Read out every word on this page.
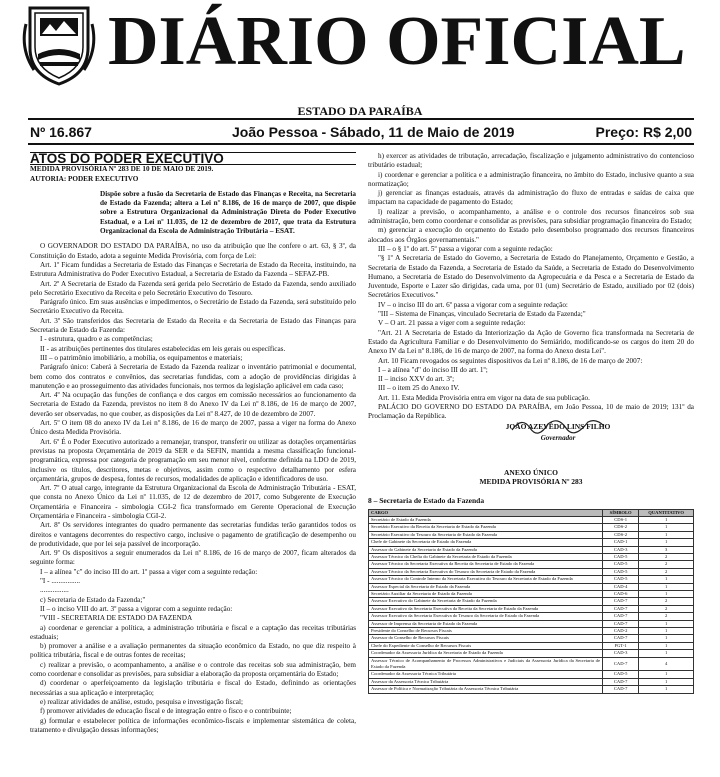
DIÁRIO OFICIAL
ESTADO DA PARAÍBA
Nº 16.867	João Pessoa - Sábado, 11 de Maio de 2019	Preço: R$ 2,00

ATOS DO PODER EXECUTIVO

MEDIDA PROVISÓRIA Nº 283 DE 10 DE MAIO DE 2019.

AUTORIA: PODER EXECUTIVO

Dispõe sobre a fusão da Secretaria de Estado das Finanças e Receita, na Secretaria de Estado da Fazenda; altera a Lei nº 8.186, de 16 de março de 2007, que dispõe sobre a Estrutura Organizacional da Administração Direta do Poder Executivo Estadual, e a Lei nº 11.035, de 12 de dezembro de 2017, que trata da Estrutura Organizacional da Escola de Administração Tributária – ESAT.

O GOVERNADOR DO ESTADO DA PARAÍBA, no uso da atribuição que lhe confere o art. 63, § 3º, da Constituição do Estado, adota a seguinte Medida Provisória, com força de Lei:

Art. 1º Ficam fundidas a Secretaria de Estado das Finanças e Secretaria de Estado da Receita, instituindo, na Estrutura Administrativa do Poder Executivo Estadual, a Secretaria de Estado da Fazenda – SEFAZ-PB.

Art. 2º A Secretaria de Estado da Fazenda será gerida pelo Secretário de Estado da Fazenda, sendo auxiliado pelo Secretário Executivo da Receita e pelo Secretário Executivo do Tesouro.

Parágrafo único. Em suas ausências e impedimentos, o Secretário de Estado da Fazenda, será substituído pelo Secretário Executivo da Receita.

Art. 3º São transferidos das Secretaria de Estado da Receita e da Secretaria de Estado das Finanças para Secretaria de Estado da Fazenda:

I - estrutura, quadro e as competências;

II - as atribuições pertinentes dos titulares estabelecidas em leis gerais ou específicas.

III – o patrimônio imobiliário, a mobília, os equipamentos e materiais;

Parágrafo único: Caberá à Secretaria de Estado da Fazenda realizar o inventário patrimonial e documental, bem como dos contratos e convênios, das secretarias fundidas, com a adoção de providências dirigidas à manutenção e ao prosseguimento das atividades funcionais, nos termos da legislação aplicável em cada caso;

Art. 4º Na ocupação das funções de confiança e dos cargos em comissão necessários ao funcionamento da Secretaria de Estado da Fazenda, previstos no item 8 do Anexo IV da Lei nº 8.186, de 16 de março de 2007, deverão ser observadas, no que couber, as disposições da Lei nº 8.427, de 10 de dezembro de 2007.

Art. 5º O item 08 do anexo IV da Lei nº 8.186, de 16 de março de 2007, passa a viger na forma do Anexo Único desta Medida Provisória.

Art. 6º É o Poder Executivo autorizado a remanejar, transpor, transferir ou utilizar as dotações orçamentárias previstas na proposta Orçamentária de 2019 da SER e da SEFIN, mantida a mesma classificação funcional-programática, expressa por categoria de programação em seu menor nível, conforme definida na LDO de 2019, inclusive os títulos, descritores, metas e objetivos, assim como o respectivo detalhamento por esfera orçamentária, grupos de despesa, fontes de recursos, modalidades de aplicação e identificadores de uso.

Art. 7º O atual cargo, integrante da Estrutura Organizacional da Escola de Administração Tributária - ESAT, que consta no Anexo Único da Lei nº 11.035, de 12 de dezembro de 2017, como Subgerente de Execução Orçamentária e Financeira - simbologia CGI-2 fica transformado em Gerente Operacional de Execução Orçamentária e Financeira - simbologia CGI-2.

Art. 8º Os servidores integrantes do quadro permanente das secretarias fundidas terão garantidos todos os direitos e vantagens decorrentes do respectivo cargo, inclusive o pagamento de gratificação de desempenho ou de produtividade, que por lei seja passível de incorporação.

Art. 9º Os dispositivos a seguir enumerados da Lei nº 8.186, de 16 de março de 2007, ficam alterados da seguinte forma:

I – a alínea "c" do inciso III do art. 1º passa a viger com a seguinte redação:

"I - ................

................

c) Secretaria de Estado da Fazenda;"

II – o inciso VIII do art. 3º passa a vigorar com a seguinte redação:

"VIII - SECRETARIA DE ESTADO DA FAZENDA

a) coordenar e gerenciar a política, a administração tributária e fiscal e a captação das receitas tributárias estaduais;

b) promover a análise e a avaliação permanentes da situação econômico da Estado, no que diz respeito à política tributária, fiscal e de outras fontes de receitas;

c) realizar a previsão, o acompanhamento, a análise e o controle das receitas sob sua administração, bem como coordenar e consolidar as previsões, para subsidiar a elaboração da proposta orçamentária do Estado;

d) coordenar o aperfeiçoamento da legislação tributária e fiscal do Estado, definindo as orientações necessárias a sua aplicação e interpretação;

e) realizar atividades de análise, estudo, pesquisa e investigação fiscal;

f) promover atividades de educação fiscal e de integração entre o fisco e o contribuinte;

g) formular e estabelecer política de informações econômico-fiscais e implementar sistemática de coleta, tratamento e divulgação dessas informações;

h) exercer as atividades de tributação, arrecadação, fiscalização e julgamento administrativo do contencioso tributário estadual;

i) coordenar e gerenciar a política e a administração financeira, no âmbito do Estado, inclusive quanto a sua normatização;

j) gerenciar as finanças estaduais, através da administração do fluxo de entradas e saídas de caixa que impactam na capacidade de pagamento do Estado;

l) realizar a previsão, o acompanhamento, a análise e o controle dos recursos financeiros sob sua administração, bem como coordenar e consolidar as previsões, para subsidiar programação financeira do Estado;

m) gerenciar a execução do orçamento do Estado pelo desembolso programado dos recursos financeiros alocados aos Órgãos governamentais."

III – o § 1º do art. 5º passa a vigorar com a seguinte redação:

"§ 1º A Secretaria de Estado do Governo, a Secretaria de Estado do Planejamento, Orçamento e Gestão, a Secretaria de Estado da Fazenda, a Secretaria de Estado da Saúde, a Secretaria de Estado do Desenvolvimento Humano, a Secretaria de Estado do Desenvolvimento da Agropecuária e da Pesca e a Secretaria de Estado da Juventude, Esporte e Lazer são dirigidas, cada uma, por 01 (um) Secretário de Estado, auxiliado por 02 (dois) Secretários Executivos."

IV – o inciso III do art. 6º passa a vigorar com a seguinte redação:

"III – Sistema de Finanças, vinculado Secretaria de Estado da Fazenda;"

V – O art. 21 passa a viger com a seguinte redação:

"Art. 21 A Secretaria de Estado da Interiorização da Ação de Governo fica transformada na Secretaria de Estado da Agricultura Familiar e do Desenvolvimento do Semiárido, modificando-se os cargos do item 20 do Anexo IV da Lei nº 8.186, de 16 de março de 2007, na forma do Anexo desta Lei".

Art. 10 Ficam revogados os seguintes dispositivos da Lei nº 8.186, de 16 de março de 2007:

I – a alínea "d" do inciso III do art. 1º;

II – inciso XXV do art. 3º;

III – o item 25 do Anexo IV.

Art. 11. Esta Medida Provisória entra em vigor na data de sua publicação.

PALÁCIO DO GOVERNO DO ESTADO DA PARAÍBA, em João Pessoa, 10 de maio de 2019; 131º da Proclamação da República.

JOÃO AZEVÊDO LINS FILHO
Governador

ANEXO ÚNICO

MEDIDA PROVISÓRIA Nº 283

8 – Secretaria de Estado da Fazenda

CARGO	SÍMBOLO	QUANTITATIVO
Secretário de Estado da Fazenda	CDS-1	1
Secretário Executivo da Receita da Secretaria de Estado da Fazenda	CDS-2	1
Secretário Executivo do Tesouro da Secretaria de Estado da Fazenda	CDS-2	1
Chefe de Gabinete da Secretaria de Estado da Fazenda	CAD-1	1
Assessor do Gabinete da Secretaria de Estado da Fazenda	CAD-3	3
Assessor Técnico da Chefia do Gabinete da Secretaria de Estado da Fazenda	CAD-5	2
Assessor Técnico da Secretaria Executiva da Receita da Secretaria de Estado da Fazenda	CAD-5	2
Assessor Técnico da Secretaria Executiva do Tesouro da Secretaria de Estado da Fazenda	CAD-5	2
Assessor Técnico do Controle Interno da Secretaria Executiva do Tesouro da Secretaria de Estado da Fazenda	CAD-5	1
Assessor Especial da Secretaria de Estado da Fazenda	CAD-4	1
Secretário Auxiliar da Secretaria de Estado da Fazenda	CAD-6	1
Assessor Executivo do Gabinete da Secretaria de Estado da Fazenda	CAD-7	2
Assessor Executivo da Secretaria Executiva da Receita da Secretaria de Estado da Fazenda	CAD-7	2
Assessor Executivo da Secretaria Executiva do Tesouro da Secretaria de Estado da Fazenda	CAD-7	2
Assessor de Imprensa da Secretaria de Estado da Fazenda	CAD-7	1
Presidente do Conselho de Recursos Fiscais	CAD-2	1
Assessor do Conselho de Recursos Fiscais	CAD-7	1
Chefe do Expediente do Conselho de Recursos Fiscais	FGT-1	1
Coordenador da Assessoria Jurídica da Secretaria de Estado da Fazenda	CAD-3	1
Assessor Técnico de Acompanhamento de Processos Administrativos e Judiciais da Assessoria Jurídica da Secretaria de Estado da Fazenda	CAD-7	4
Coordenador da Assessoria Técnica Tributária	CAD-5	1
Assessor da Assessoria Técnica Tributária	CAD-7	1
Assessor de Política e Normatização Tributária da Assessoria Técnica Tributária	CAD-7	1
